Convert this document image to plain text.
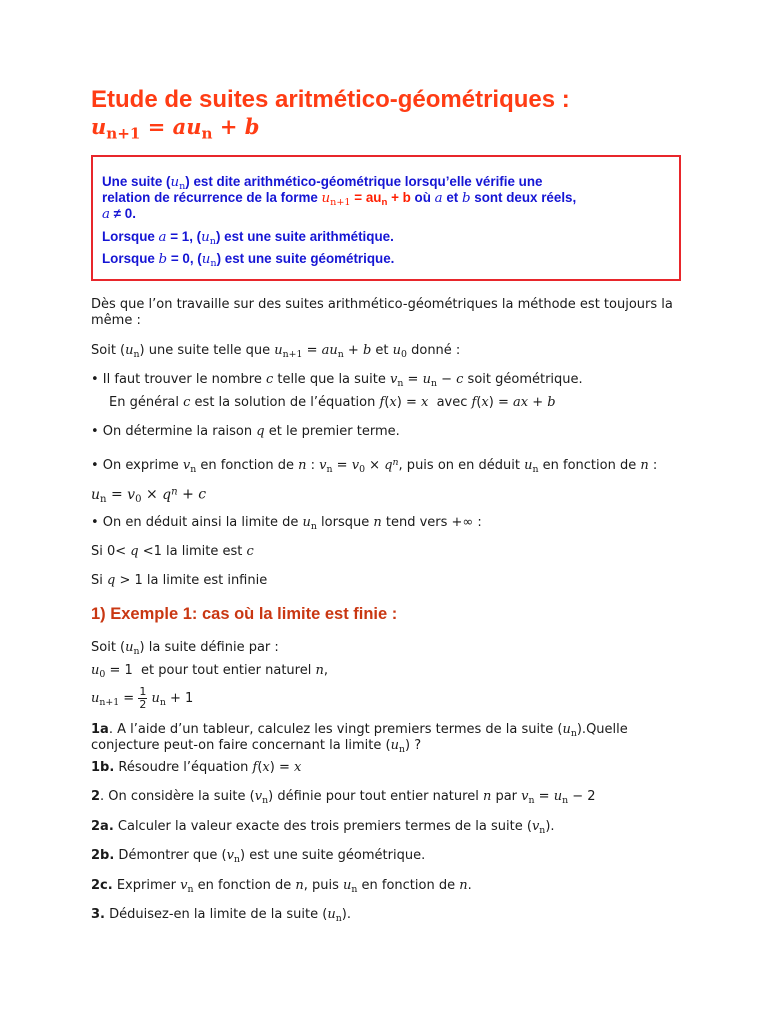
Etude de suites aritmético-géométriques :
$u_{n+1} = au_n + b$
Une suite $(u_n)$ est dite arithmético-géométrique lorsqu’elle vérifie une
relation de récurrence de la forme $u_{n+1} = au_n + b$ où a et b sont deux réels,
a ≠ 0.
Lorsque a = 1, $(u_n)$ est une suite arithmétique.
Lorsque b = 0, $(u_n)$ est une suite géométrique.
Dès que l’on travaille sur des suites arithmético-géométriques la méthode est toujours la
même :
Soit $(u_n)$ une suite telle que $u_{n+1} = au_n + b$ et $u_0$ donné :
• Il faut trouver le nombre c telle que la suite $v_n = u_n - c$ soit géométrique.
En général c est la solution de l’équation f(x) = x  avec f(x) = ax + b
• On détermine la raison q et le premier terme.
• On exprime $v_n$ en fonction de n : $v_n = v_0 \times q^n$, puis on en déduit $u_n$ en fonction de n :
$u_n = v_0 \times q^n + c$
• On en déduit ainsi la limite de $u_n$ lorsque n tend vers +∞ :
Si 0< q <1 la limite est c
Si q > 1 la limite est infinie
1) Exemple 1: cas où la limite est finie :
Soit $(u_n)$ la suite définie par :
$u_0 = 1$  et pour tout entier naturel n,
$u_{n+1} = \frac{1}{2} u_n + 1$
1a. A l’aide d’un tableur, calculez les vingt premiers termes de la suite $(u_n).Quelle$
conjecture peut-on faire concernant la limite $(u_n)$ ?
1b. Résoudre l’équation f(x) = x
2. On considère la suite $(v_n)$ définie pour tout entier naturel n par $v_n = u_n - 2$
2a. Calculer la valeur exacte des trois premiers termes de la suite $(v_n)$.
2b. Démontrer que $(v_n)$ est une suite géométrique.
2c. Exprimer $v_n$ en fonction de n, puis $u_n$ en fonction de n.
3. Déduisez-en la limite de la suite $(u_n)$.
